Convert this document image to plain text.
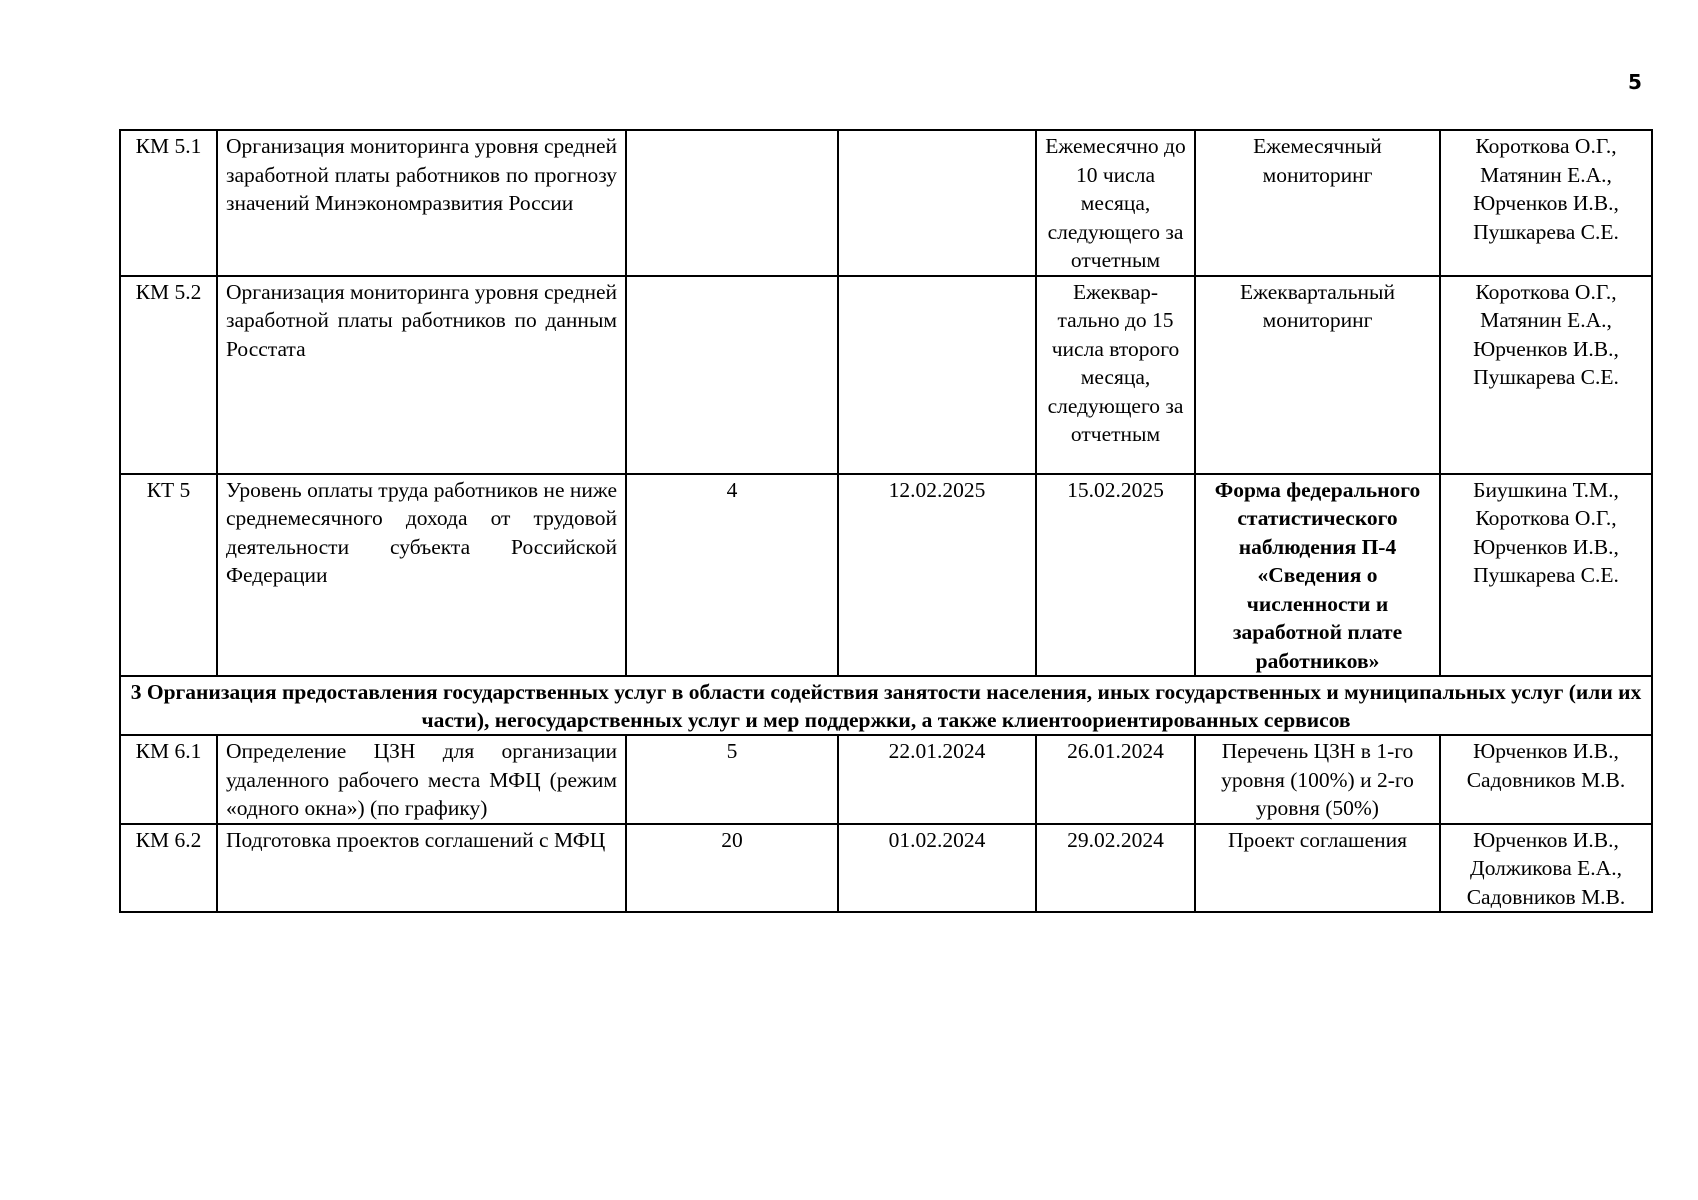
5
КМ 5.1	Организация мониторинга уровня средней заработной платы работников по прогнозу значений Минэкономразвития России			Ежемесячно до 10 числа месяца, следующего за отчетным	Ежемесячный мониторинг	Короткова О.Г., Матянин Е.А., Юрченков И.В., Пушкарева С.Е.
КМ 5.2	Организация мониторинга уровня средней заработной платы работников по данным Росстата			Ежеквар-тально до 15 числа второго месяца, следующего за отчетным	Ежеквартальный мониторинг	Короткова О.Г., Матянин Е.А., Юрченков И.В., Пушкарева С.Е.
КТ 5	Уровень оплаты труда работников не ниже среднемесячного дохода от трудовой деятельности субъекта Российской Федерации	4	12.02.2025	15.02.2025	Форма федерального статистического наблюдения П-4 «Сведения о численности и заработной плате работников»	Биушкина Т.М., Короткова О.Г., Юрченков И.В., Пушкарева С.Е.
3 Организация предоставления государственных услуг в области содействия занятости населения, иных государственных и муниципальных услуг (или их части), негосударственных услуг и мер поддержки, а также клиентоориентированных сервисов						
КМ 6.1	Определение ЦЗН для организации удаленного рабочего места МФЦ (режим «одного окна») (по графику)	5	22.01.2024	26.01.2024	Перечень ЦЗН в 1-го уровня (100%) и 2-го уровня (50%)	Юрченков И.В., Садовников М.В.
КМ 6.2	Подготовка проектов соглашений с МФЦ	20	01.02.2024	29.02.2024	Проект соглашения	Юрченков И.В., Должикова Е.А., Садовников М.В.
